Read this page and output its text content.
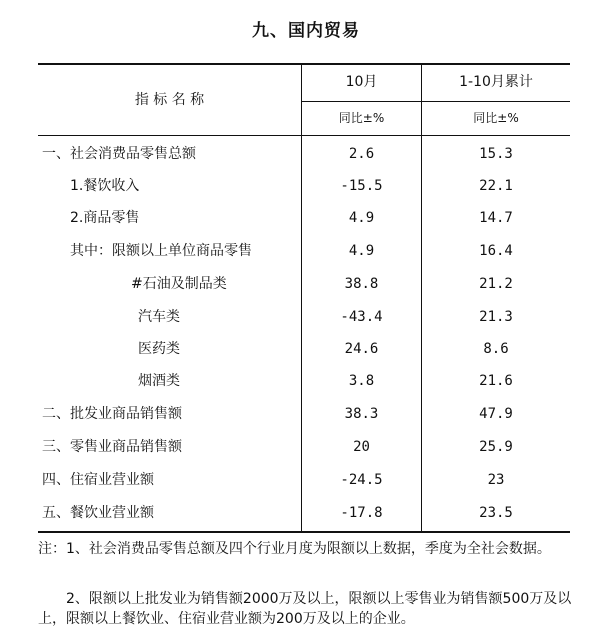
九、国内贸易
指 标 名 称
10月	1-10月累计
同比±%	同比±%
一、社会消费品零售总额	2.6	15.3
1.餐饮收入	-15.5	22.1
2.商品零售	4.9	14.7
其中：限额以上单位商品零售	4.9	16.4
#石油及制品类	38.8	21.2
汽车类	-43.4	21.3
医药类	24.6	8.6
烟酒类	3.8	21.6
二、批发业商品销售额	38.3	47.9
三、零售业商品销售额	20	25.9
四、住宿业营业额	-24.5	23
五、餐饮业营业额	-17.8	23.5
注：1、社会消费品零售总额及四个行业月度为限额以上数据，季度为全社会数据。
2、限额以上批发业为销售额2000万及以上，限额以上零售业为销售额500万及以上，限额以上餐饮业、住宿业营业额为200万及以上的企业。
